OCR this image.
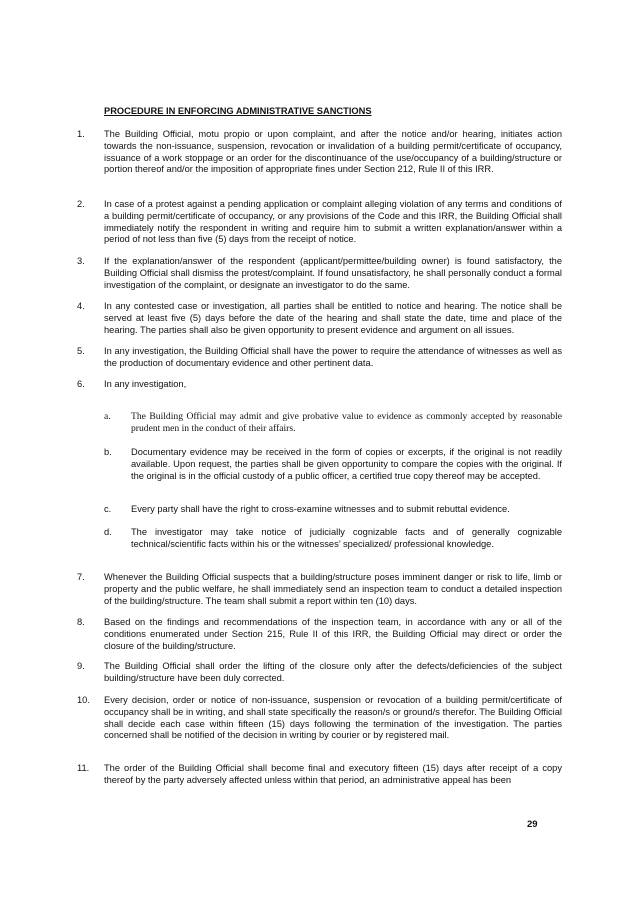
PROCEDURE IN ENFORCING ADMINISTRATIVE SANCTIONS
1. The Building Official, motu propio or upon complaint, and after the notice and/or hearing, initiates action towards the non-issuance, suspension, revocation or invalidation of a building permit/certificate of occupancy, issuance of a work stoppage or an order for the discontinuance of the use/occupancy of a building/structure or portion thereof and/or the imposition of appropriate fines under Section 212, Rule II of this IRR.
2. In case of a protest against a pending application or complaint alleging violation of any terms and conditions of a building permit/certificate of occupancy, or any provisions of the Code and this IRR, the Building Official shall immediately notify the respondent in writing and require him to submit a written explanation/answer within a period of not less than five (5) days from the receipt of notice.
3. If the explanation/answer of the respondent (applicant/permittee/building owner) is found satisfactory, the Building Official shall dismiss the protest/complaint. If found unsatisfactory, he shall personally conduct a formal investigation of the complaint, or designate an investigator to do the same.
4. In any contested case or investigation, all parties shall be entitled to notice and hearing. The notice shall be served at least five (5) days before the date of the hearing and shall state the date, time and place of the hearing. The parties shall also be given opportunity to present evidence and argument on all issues.
5. In any investigation, the Building Official shall have the power to require the attendance of witnesses as well as the production of documentary evidence and other pertinent data.
6. In any investigation,
a. The Building Official may admit and give probative value to evidence as commonly accepted by reasonable prudent men in the conduct of their affairs.
b. Documentary evidence may be received in the form of copies or excerpts, if the original is not readily available. Upon request, the parties shall be given opportunity to compare the copies with the original. If the original is in the official custody of a public officer, a certified true copy thereof may be accepted.
c. Every party shall have the right to cross-examine witnesses and to submit rebuttal evidence.
d. The investigator may take notice of judicially cognizable facts and of generally cognizable technical/scientific facts within his or the witnesses’ specialized/ professional knowledge.
7. Whenever the Building Official suspects that a building/structure poses imminent danger or risk to life, limb or property and the public welfare, he shall immediately send an inspection team to conduct a detailed inspection of the building/structure. The team shall submit a report within ten (10) days.
8. Based on the findings and recommendations of the inspection team, in accordance with any or all of the conditions enumerated under Section 215, Rule II of this IRR, the Building Official may direct or order the closure of the building/structure.
9. The Building Official shall order the lifting of the closure only after the defects/deficiencies of the subject building/structure have been duly corrected.
10. Every decision, order or notice of non-issuance, suspension or revocation of a building permit/certificate of occupancy shall be in writing, and shall state specifically the reason/s or ground/s therefor. The Building Official shall decide each case within fifteen (15) days following the termination of the investigation. The parties concerned shall be notified of the decision in writing by courier or by registered mail.
11. The order of the Building Official shall become final and executory fifteen (15) days after receipt of a copy thereof by the party adversely affected unless within that period, an administrative appeal has been
29
